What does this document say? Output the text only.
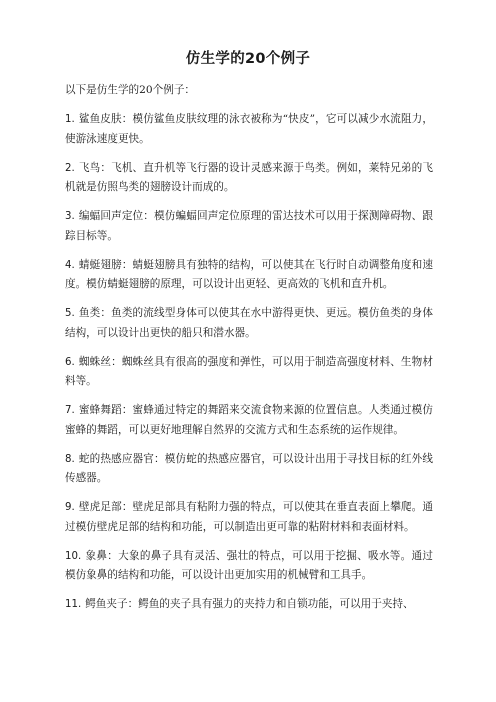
仿生学的20个例子

以下是仿生学的20个例子：

1. 鲨鱼皮肤：模仿鲨鱼皮肤纹理的泳衣被称为“快皮”，它可以减少水流阻力，使游泳速度更快。

2. 飞鸟：飞机、直升机等飞行器的设计灵感来源于鸟类。例如，莱特兄弟的飞机就是仿照鸟类的翅膀设计而成的。

3. 编蝠回声定位：模仿蝙蝠回声定位原理的雷达技术可以用于探测障碍物、跟踪目标等。

4. 蜻蜓翅膀：蜻蜓翅膀具有独特的结构，可以使其在飞行时自动调整角度和速度。模仿蜻蜓翅膀的原理，可以设计出更轻、更高效的飞机和直升机。

5. 鱼类：鱼类的流线型身体可以使其在水中游得更快、更远。模仿鱼类的身体结构，可以设计出更快的船只和潜水器。

6. 蜘蛛丝：蜘蛛丝具有很高的强度和弹性，可以用于制造高强度材料、生物材料等。

7. 蜜蜂舞蹈：蜜蜂通过特定的舞蹈来交流食物来源的位置信息。人类通过模仿蜜蜂的舞蹈，可以更好地理解自然界的交流方式和生态系统的运作规律。

8. 蛇的热感应器官：模仿蛇的热感应器官，可以设计出用于寻找目标的红外线传感器。

9. 壁虎足部：壁虎足部具有粘附力强的特点，可以使其在垂直表面上攀爬。通过模仿壁虎足部的结构和功能，可以制造出更可靠的粘附材料和表面材料。

10. 象鼻：大象的鼻子具有灵活、强壮的特点，可以用于挖掘、吸水等。通过模仿象鼻的结构和功能，可以设计出更加实用的机械臂和工具手。

11. 鳄鱼夹子：鳄鱼的夹子具有强力的夹持力和自锁功能，可以用于夹持、
